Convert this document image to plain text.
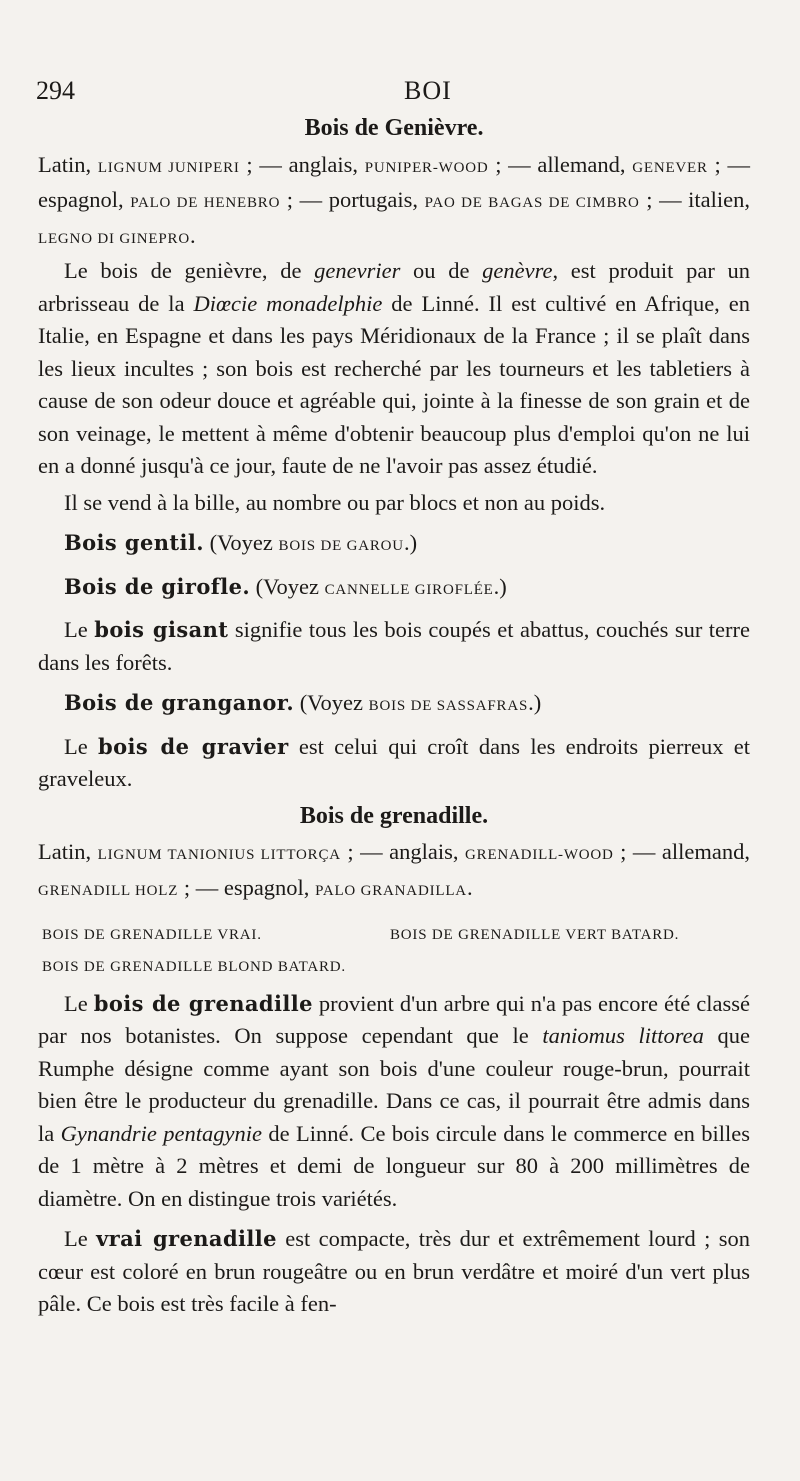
294	BOI

Bois de Genièvre.

Latin, LIGNUM JUNIPERI ; — anglais, PUNIPER-WOOD ; — allemand, GENEVER ; — espagnol, PALO DE HENEBRO ; — portugais, PAO DE BAGAS DE CIMBRO ; — italien, LEGNO DI GINEPRO.

Le bois de genièvre, de genevrier ou de genèvre, est produit par un arbrisseau de la Diœcie monadelphie de Linné. Il est cultivé en Afrique, en Italie, en Espagne et dans les pays Méridionaux de la France ; il se plaît dans les lieux incultes ; son bois est recherché par les tourneurs et les tabletiers à cause de son odeur douce et agréable qui, jointe à la finesse de son grain et de son veinage, le mettent à même d'obtenir beaucoup plus d'emploi qu'on ne lui en a donné jusqu'à ce jour, faute de ne l'avoir pas assez étudié.

Il se vend à la bille, au nombre ou par blocs et non au poids.

Bois gentil. (Voyez BOIS DE GAROU.)

Bois de girofle. (Voyez CANNELLE GIROFLÉE.)

Le bois gisant signifie tous les bois coupés et abattus, couchés sur terre dans les forêts.

Bois de granganor. (Voyez BOIS DE SASSAFRAS.)

Le bois de gravier est celui qui croît dans les endroits pierreux et graveleux.

Bois de grenadille.

Latin, LIGNUM TANIONIUS LITTORÇA ; — anglais, GRENADILL-WOOD ; — allemand, GRENADILL HOLZ ; — espagnol, PALO GRANADILLA.

BOIS DE GRENADILLE VRAI.	BOIS DE GRENADILLE VERT BATARD.

BOIS DE GRENADILLE BLOND BATARD.

Le bois de grenadille provient d'un arbre qui n'a pas encore été classé par nos botanistes. On suppose cependant que le taniomus littorea que Rumphe désigne comme ayant son bois d'une couleur rouge-brun, pourrait bien être le producteur du grenadille. Dans ce cas, il pourrait être admis dans la Gynandrie pentagynie de Linné. Ce bois circule dans le commerce en billes de 1 mètre à 2 mètres et demi de longueur sur 80 à 200 millimètres de diamètre. On en distingue trois variétés.

Le vrai grenadille est compacte, très dur et extrêmement lourd ; son cœur est coloré en brun rougeâtre ou en brun verdâtre et moiré d'un vert plus pâle. Ce bois est très facile à fen-
